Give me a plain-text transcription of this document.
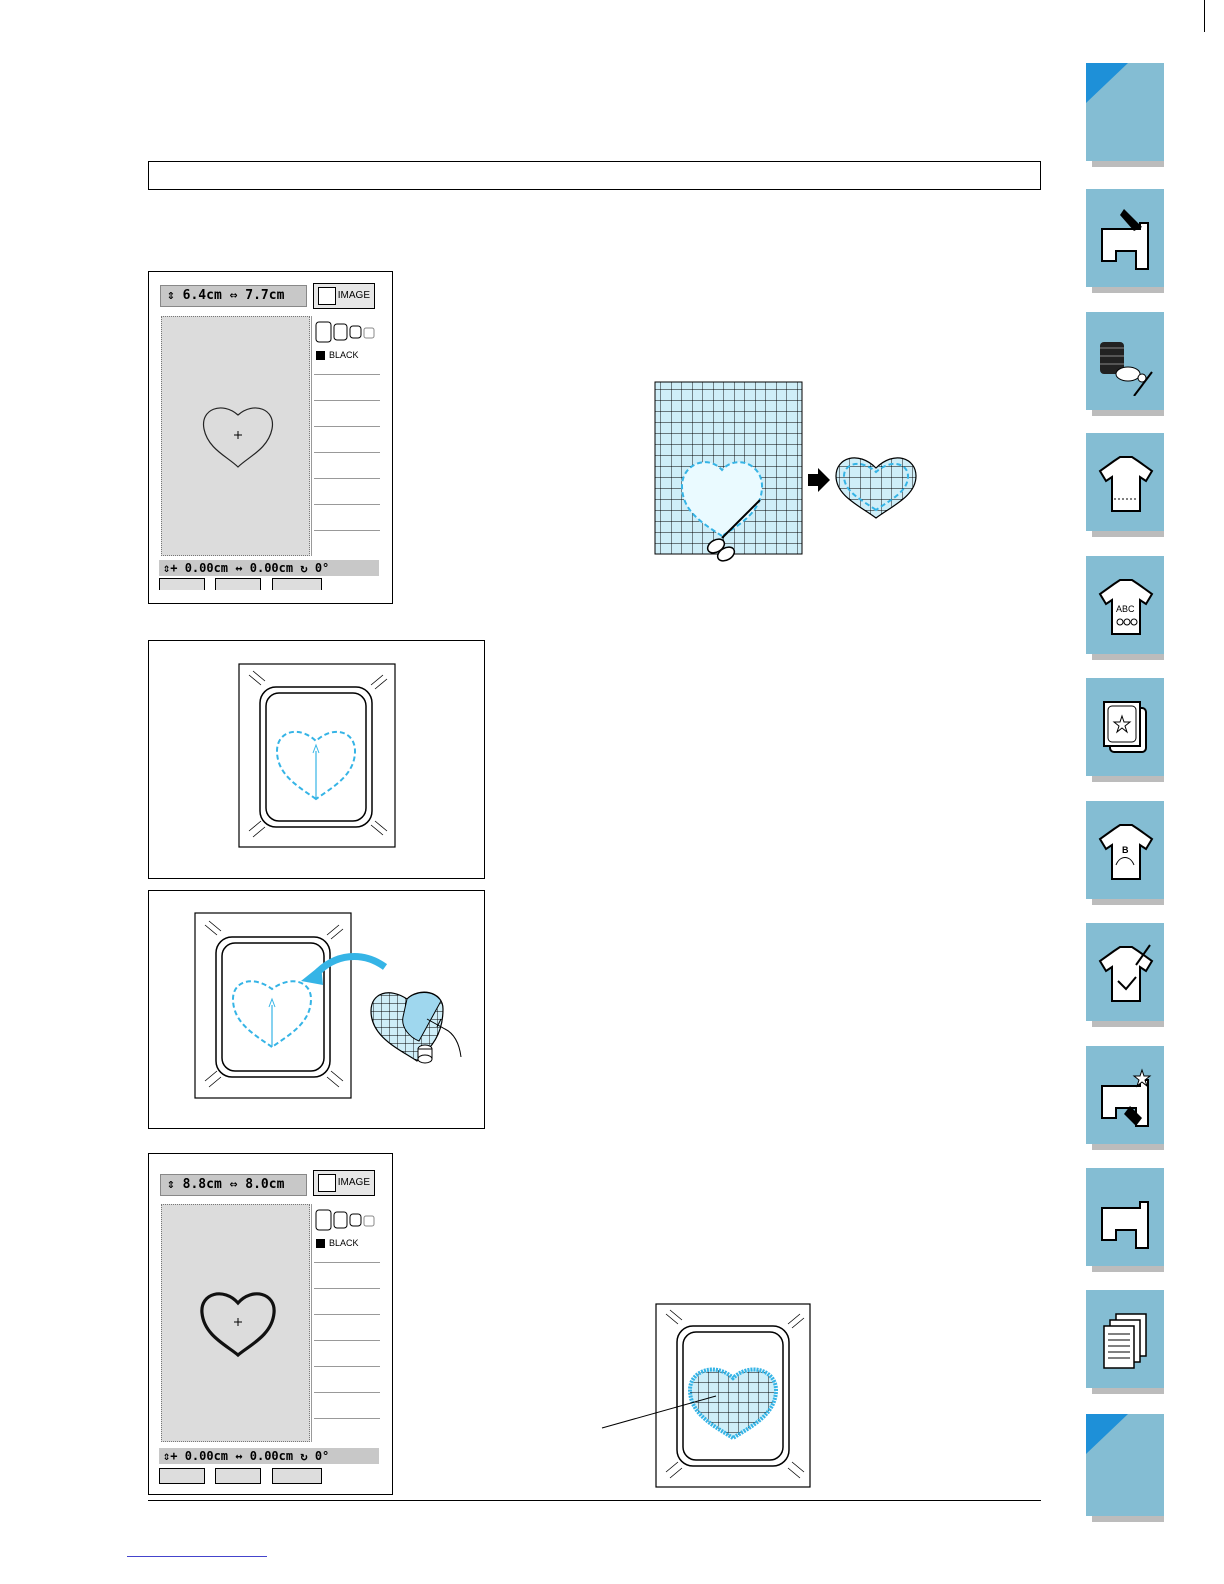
⇕ 6.4cm ⇔ 7.7cm	IMAGE
BLACK
⇕+ 0.00cm ↔ 0.00cm ↻ 0°

⇕ 8.8cm ⇔ 8.0cm	IMAGE
BLACK
⇕+ 0.00cm ↔ 0.00cm ↻ 0°

ABC
B
